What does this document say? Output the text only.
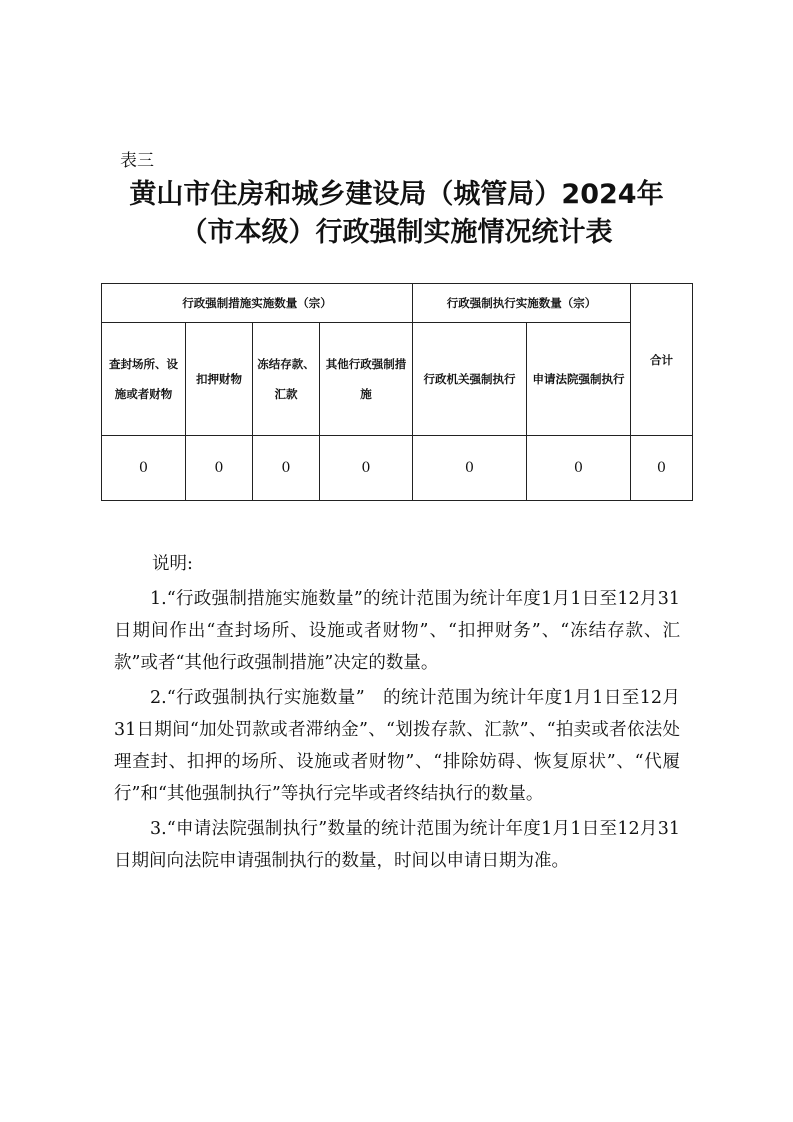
表三
黄山市住房和城乡建设局（城管局）2024年
（市本级）行政强制实施情况统计表
行政强制措施实施数量（宗）				行政强制执行实施数量（宗）		合计
查封场所、设施或者财物	扣押财物	冻结存款、汇款	其他行政强制措施	行政机关强制执行	申请法院强制执行	
0	0	0	0	0	0	0

说明:

1.“行政强制措施实施数量”的统计范围为统计年度1月1日至12月31日期间作出“查封场所、设施或者财物”、“扣押财务”、“冻结存款、汇款”或者“其他行政强制措施”决定的数量。

2.“行政强制执行实施数量”　的统计范围为统计年度1月1日至12月31日期间“加处罚款或者滞纳金”、“划拨存款、汇款”、“拍卖或者依法处理查封、扣押的场所、设施或者财物”、“排除妨碍、恢复原状”、“代履行”和“其他强制执行”等执行完毕或者终结执行的数量。

3.“申请法院强制执行”数量的统计范围为统计年度1月1日至12月31日期间向法院申请强制执行的数量，时间以申请日期为准。
